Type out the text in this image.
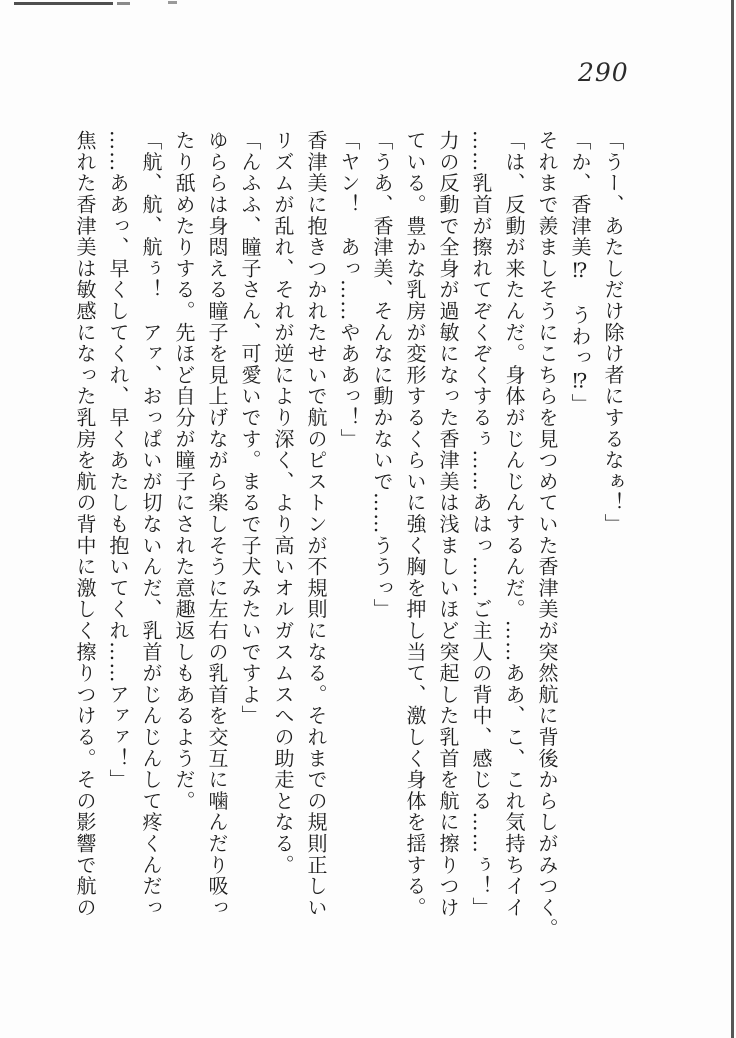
290
「うー、あたしだけ除け者にするなぁ！」
「か、香津美⁉　うわっ⁉」
それまで羨ましそうにこちらを見つめていた香津美が突然航に背後からしがみつく。
「は、反動が来たんだ。身体がじんじんするんだ。……ああ、こ、これ気持ちイイ
……乳首が擦れてぞくぞくするぅ……あはっ……ご主人の背中、感じる……ぅ！」
力の反動で全身が過敏になった香津美は浅ましいほど突起した乳首を航に擦りつけ
ている。豊かな乳房が変形するくらいに強く胸を押し当て、激しく身体を揺する。
「うあ、香津美、そんなに動かないで……ううっ」
「ヤン！　あっ……やああっ！」
香津美に抱きつかれたせいで航のピストンが不規則になる。それまでの規則正しい
リズムが乱れ、それが逆により深く、より高いオルガスムスへの助走となる。
「んふふ、瞳子さん、可愛いです。まるで子犬みたいですよ」
ゆららは身悶える瞳子を見上げながら楽しそうに左右の乳首を交互に噛んだり吸っ
たり舐めたりする。先ほど自分が瞳子にされた意趣返しもあるようだ。
「航、航、航ぅ！　アァ、おっぱいが切ないんだ、乳首がじんじんして疼くんだっ
……ああっ、早くしてくれ、早くあたしも抱いてくれ……アァァ！」
焦れた香津美は敏感になった乳房を航の背中に激しく擦りつける。その影響で航の
